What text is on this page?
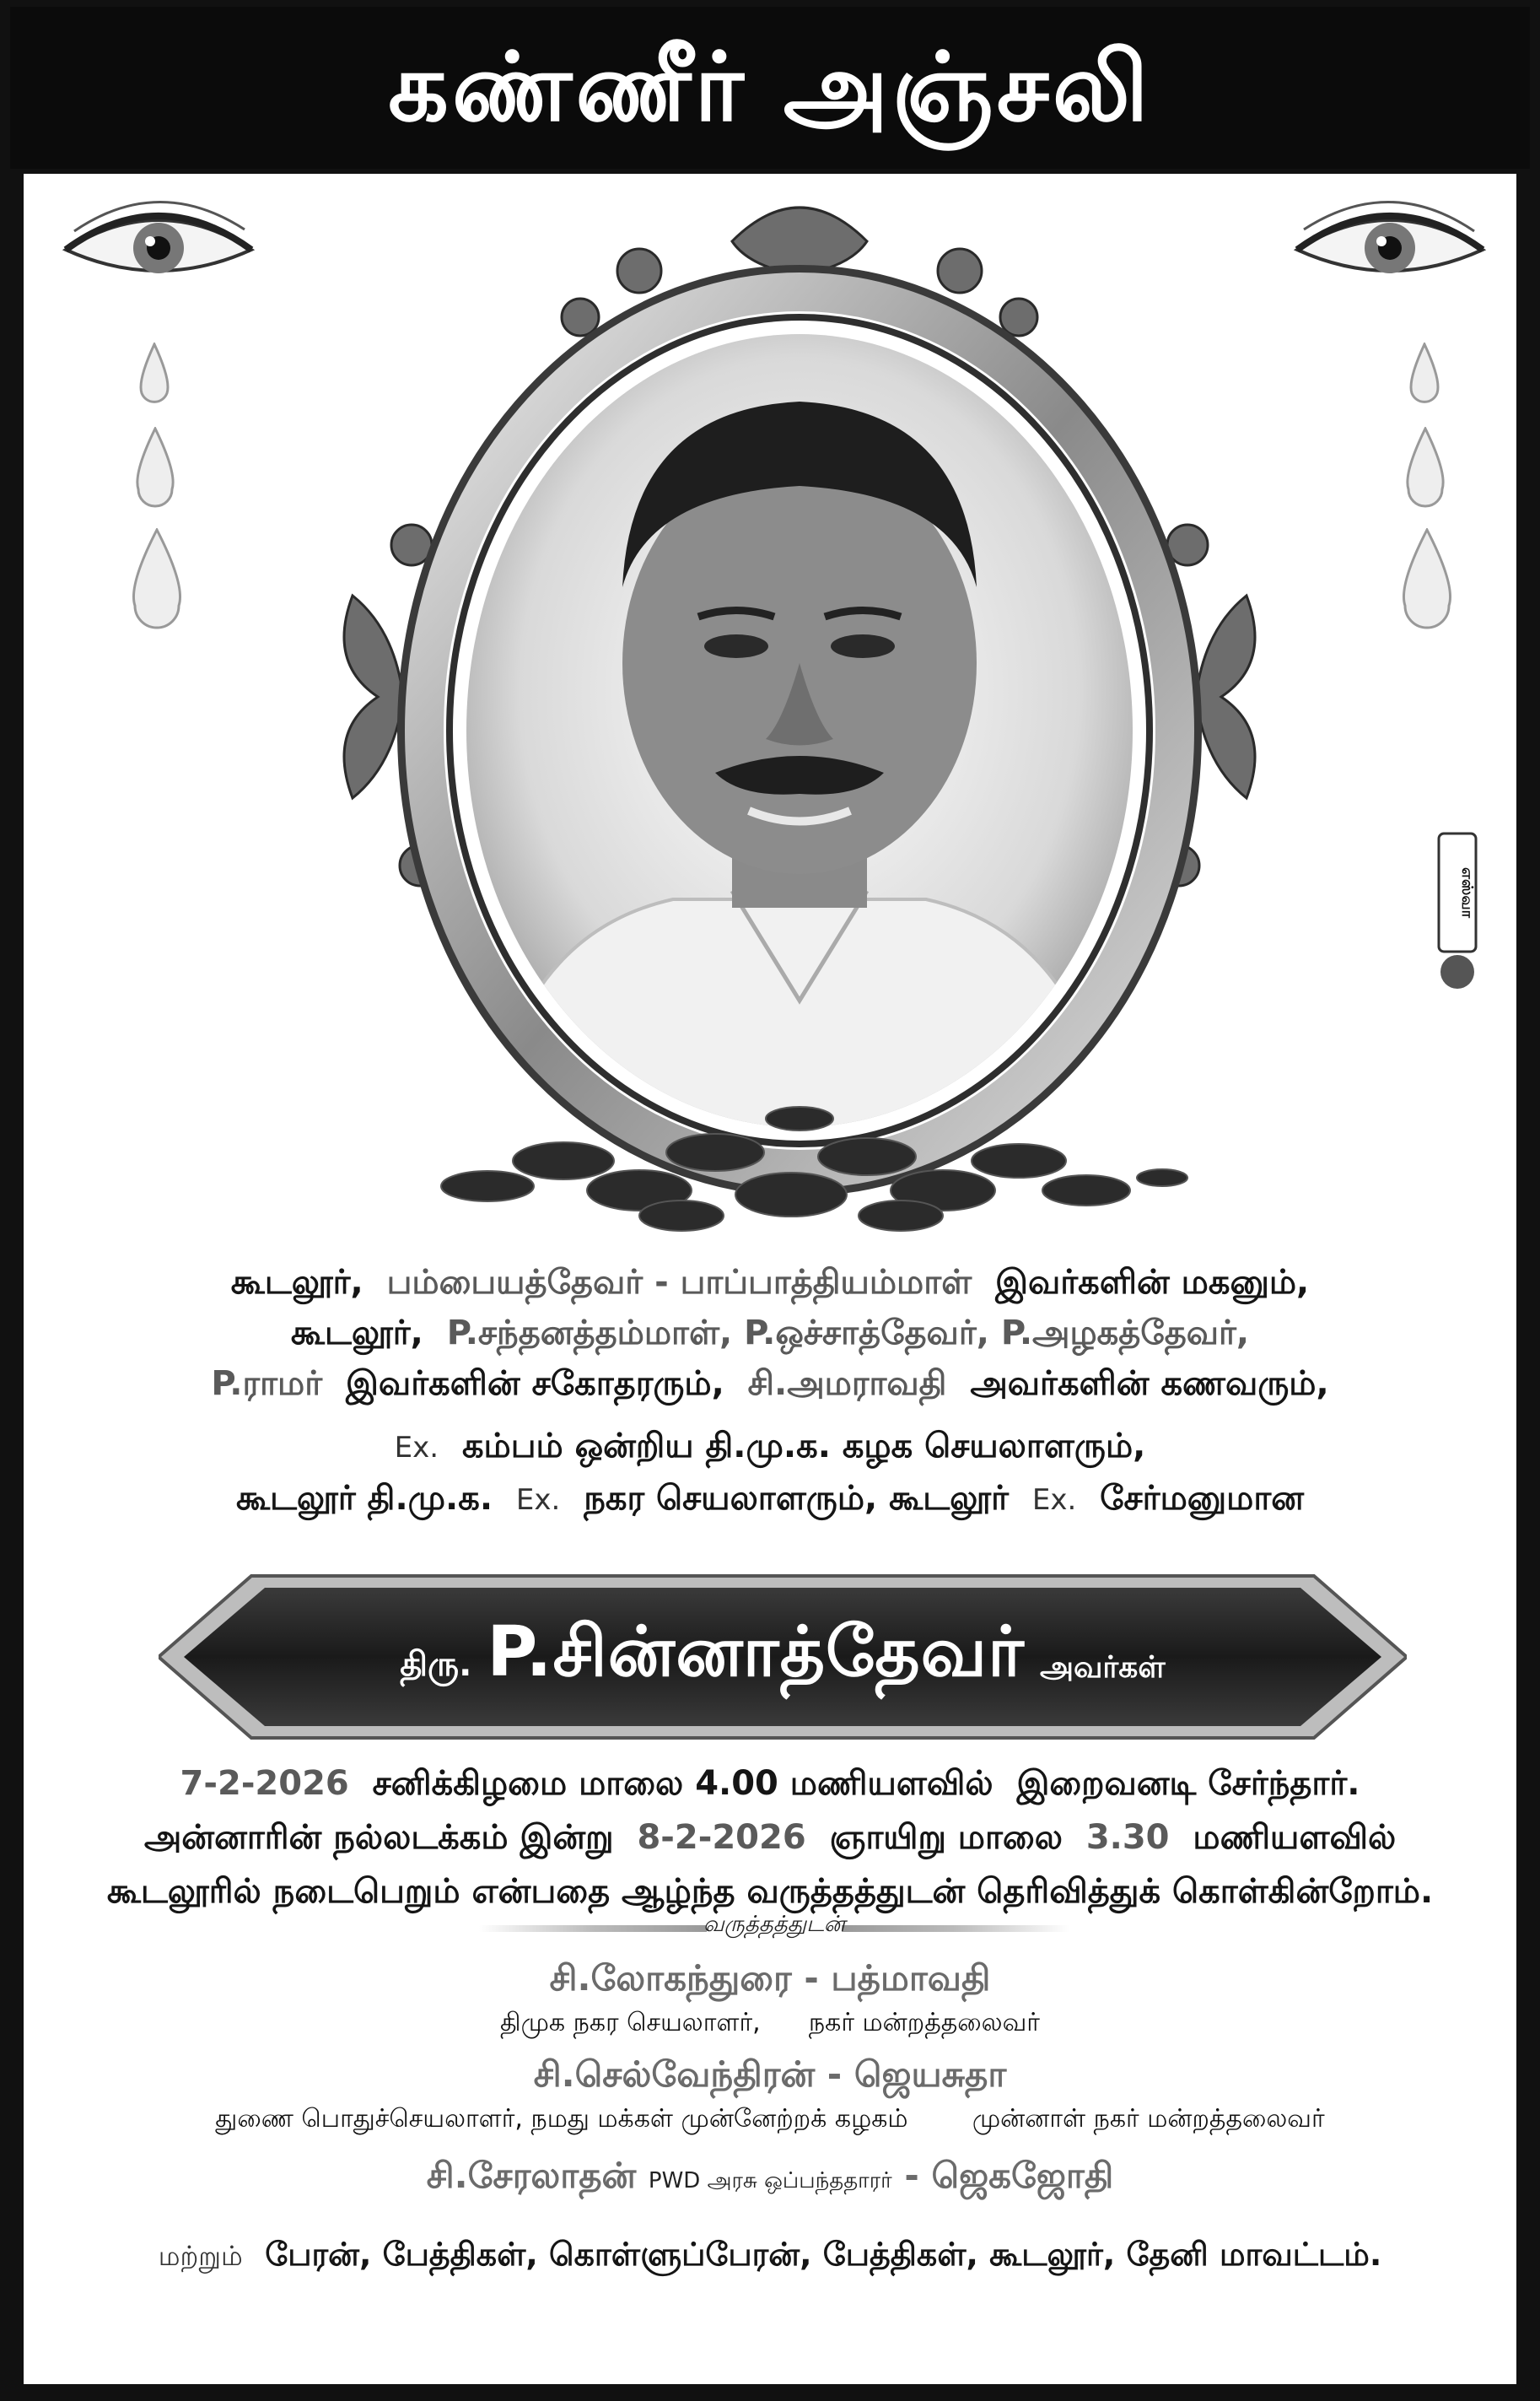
கண்ணீர் அஞ்சலி
எஸ்வா
கூடலூர், பம்பையத்தேவர் - பாப்பாத்தியம்மாள் இவர்களின் மகனும்,
கூடலூர், P.சந்தனத்தம்மாள், P.ஒச்சாத்தேவர், P.அழகத்தேவர்,
P.ராமர் இவர்களின் சகோதரரும், சி.அமராவதி அவர்களின் கணவரும்,
Ex. கம்பம் ஒன்றிய தி.மு.க. கழக செயலாளரும்,
கூடலூர் தி.மு.க. Ex. நகர செயலாளரும், கூடலூர் Ex. சேர்மனுமான
திரு. P.சின்னாத்தேவர் அவர்கள்
7-2-2026 சனிக்கிழமை மாலை 4.00 மணியளவில் இறைவனடி சேர்ந்தார்.
அன்னாரின் நல்லடக்கம் இன்று 8-2-2026 ஞாயிறு மாலை 3.30 மணியளவில்
கூடலூரில் நடைபெறும் என்பதை ஆழ்ந்த வருத்தத்துடன் தெரிவித்துக் கொள்கின்றோம்.
வருத்தத்துடன்
சி.லோகந்துரை - பத்மாவதி
திமுக நகர செயலாளர், நகர் மன்றத்தலைவர்
சி.செல்வேந்திரன் - ஜெயசுதா
துணை பொதுச்செயலாளர், நமது மக்கள் முன்னேற்றக் கழகம்	முன்னாள் நகர் மன்றத்தலைவர்
சி.சேரலாதன் PWD அரசு ஒப்பந்ததாரர் - ஜெகஜோதி
மற்றும் பேரன், பேத்திகள், கொள்ளுப்பேரன், பேத்திகள், கூடலூர், தேனி மாவட்டம்.
